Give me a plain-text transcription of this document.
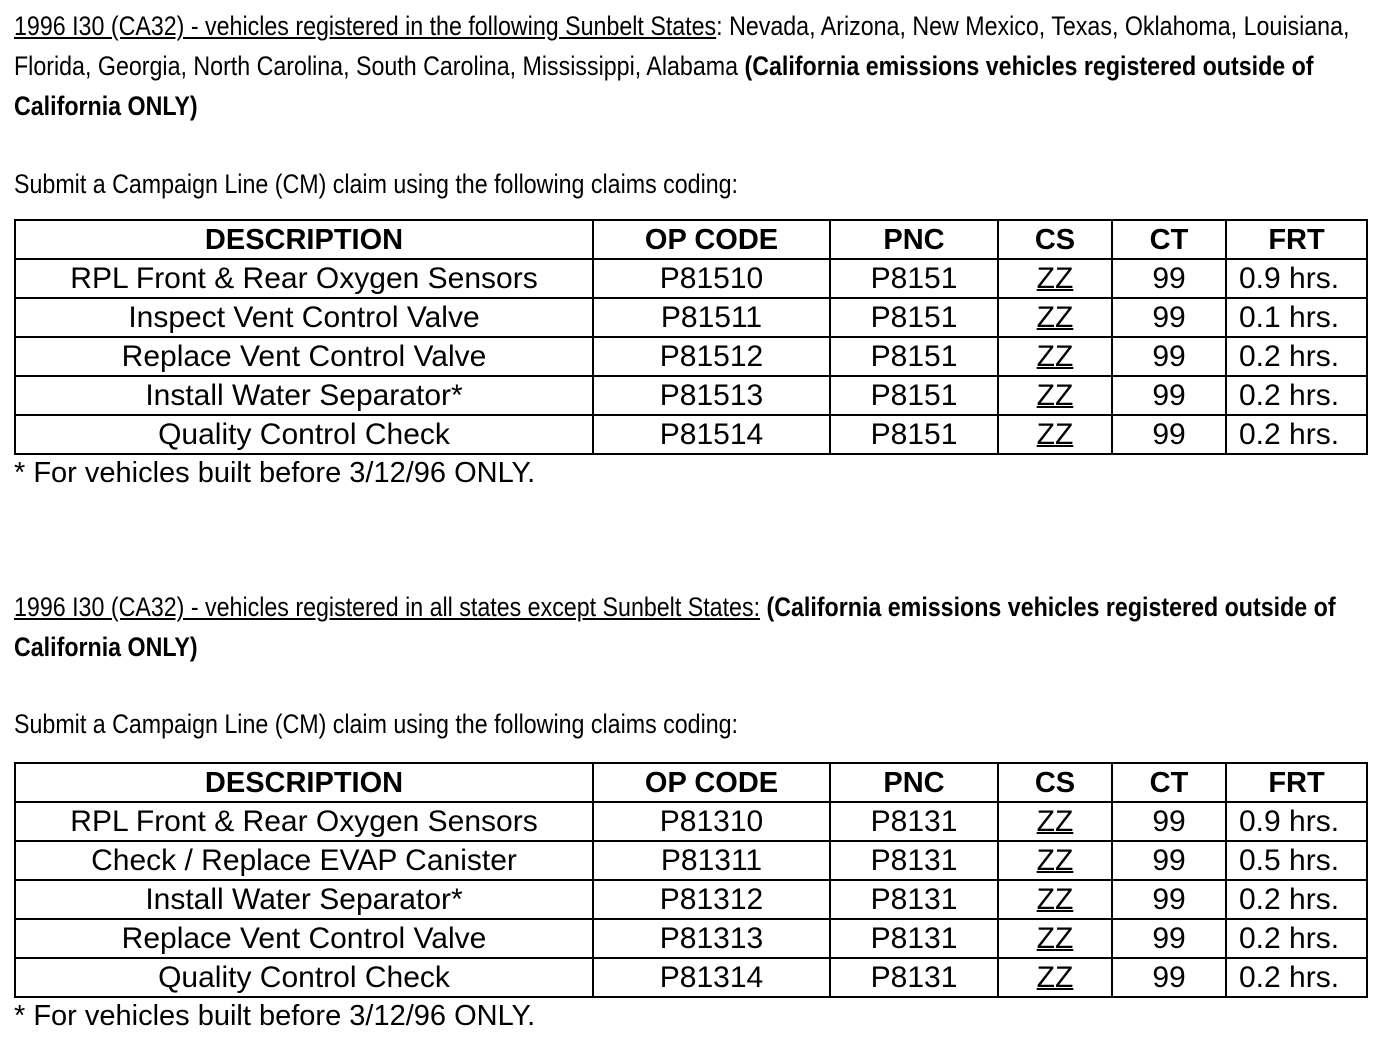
1996 I30 (CA32) - vehicles registered in the following Sunbelt States: Nevada, Arizona, New Mexico, Texas, Oklahoma, Louisiana, Florida, Georgia, North Carolina, South Carolina, Mississippi, Alabama (California emissions vehicles registered outside of California ONLY)

Submit a Campaign Line (CM) claim using the following claims coding:

DESCRIPTION	OP CODE	PNC	CS	CT	FRT
RPL Front & Rear Oxygen Sensors	P81510	P8151	ZZ	99	0.9 hrs.
Inspect Vent Control Valve	P81511	P8151	ZZ	99	0.1 hrs.
Replace Vent Control Valve	P81512	P8151	ZZ	99	0.2 hrs.
Install Water Separator*	P81513	P8151	ZZ	99	0.2 hrs.
Quality Control Check	P81514	P8151	ZZ	99	0.2 hrs.

* For vehicles built before 3/12/96 ONLY.

1996 I30 (CA32) - vehicles registered in all states except Sunbelt States: (California emissions vehicles registered outside of California ONLY)

Submit a Campaign Line (CM) claim using the following claims coding:

DESCRIPTION	OP CODE	PNC	CS	CT	FRT
RPL Front & Rear Oxygen Sensors	P81310	P8131	ZZ	99	0.9 hrs.
Check / Replace EVAP Canister	P81311	P8131	ZZ	99	0.5 hrs.
Install Water Separator*	P81312	P8131	ZZ	99	0.2 hrs.
Replace Vent Control Valve	P81313	P8131	ZZ	99	0.2 hrs.
Quality Control Check	P81314	P8131	ZZ	99	0.2 hrs.

* For vehicles built before 3/12/96 ONLY.
